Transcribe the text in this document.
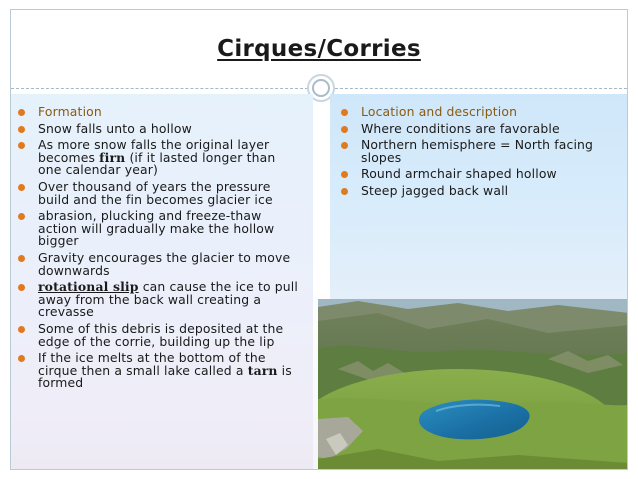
Cirques/Corries
Formation
Snow falls unto a hollow
As more snow falls the original layer becomes firn (if it lasted longer than one calendar year)
Over thousand of years the pressure build and the fin becomes glacier ice
abrasion, plucking and freeze-thaw action will gradually make the hollow bigger
Gravity encourages the glacier to move downwards
rotational slip can cause the ice to pull away from the back wall creating a crevasse
Some of this debris is deposited at the edge of the corrie, building up the lip
If the ice melts at the bottom of the cirque then a small lake called a tarn is formed
Location and description
Where conditions are favorable
Northern hemisphere = North facing slopes
Round armchair shaped hollow
Steep jagged back wall
